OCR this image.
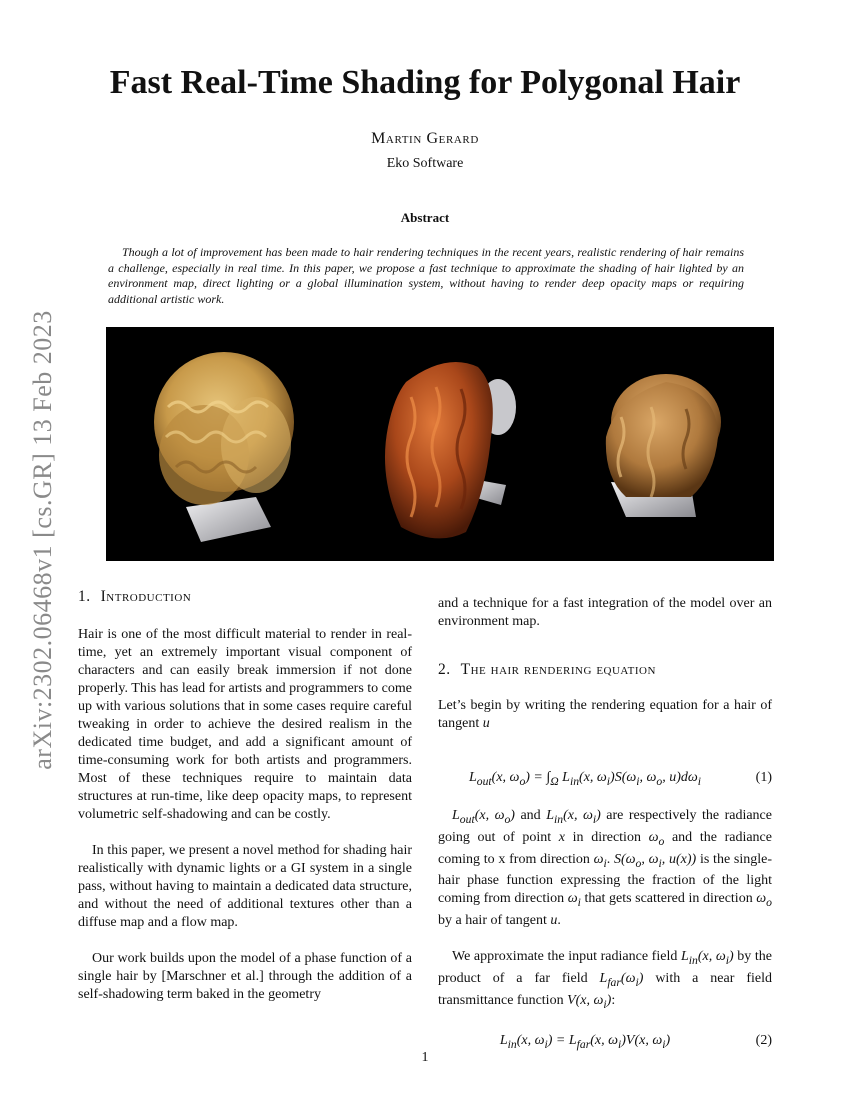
arXiv:2302.06468v1 [cs.GR] 13 Feb 2023
Fast Real-Time Shading for Polygonal Hair
Martin Gerard
Eko Software
Abstract

Though a lot of improvement has been made to hair rendering techniques in the recent years, realistic rendering of hair remains a challenge, especially in real time. In this paper, we propose a fast technique to approximate the shading of hair lighted by an environment map, direct lighting or a global illumination system, without having to render deep opacity maps or requiring additional artistic work.

1. Introduction

Hair is one of the most difficult material to render in real-time, yet an extremely important visual component of characters and can easily break immersion if not done properly. This has lead for artists and programmers to come up with various solutions that in some cases require careful tweaking in order to achieve the desired realism in the dedicated time budget, and add a significant amount of time-consuming work for both artists and programmers. Most of these techniques require to maintain data structures at run-time, like deep opacity maps, to represent volumetric self-shadowing and can be costly.

In this paper, we present a novel method for shading hair realistically with dynamic lights or a GI system in a single pass, without having to maintain a dedicated data structure, and without the need of additional textures other than a diffuse map and a flow map.

Our work builds upon the model of a phase function of a single hair by [Marschner et al.] through the addition of a self-shadowing term baked in the geometry

and a technique for a fast integration of the model over an environment map.

2. The hair rendering equation

Let’s begin by writing the rendering equation for a hair of tangent u

$L_{out}(x$, $\omega_o) = \int_\Omega$ $L_{in}(x$, $\omega_i)S(\omega_i$, $\omega_o$, $u)d\omega_i$	(1)

$L_{out}(x$, $\omega_o$) and $L_{in}(x$, $\omega_i$) are respectively the radiance going out of point x in direction $\omega_o$ and the radiance coming to x from direction $\omega_i$. $S(\omega_o$, $\omega_i$, u(x)) is the single-hair phase function expressing the fraction of the light coming from direction $\omega_i$ that gets scattered in direction $\omega_o$ by a hair of tangent u.

We approximate the input radiance field $L_{in}(x$, $\omega_i$) by the product of a far field $L_{far}(\omega_i)$ with a near field transmittance function V(x, $\omega_i$):

$L_{in}(x$, $\omega_i) = L_{far}(x$, $\omega_i)V(x$, $\omega_i$)	(2)
1
